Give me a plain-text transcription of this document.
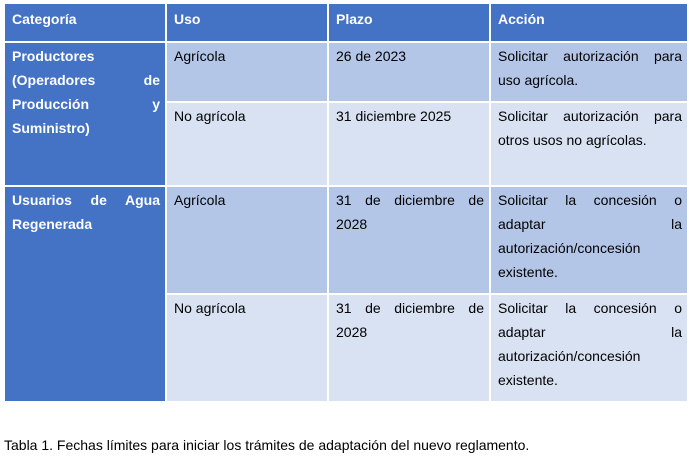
Categoría	Uso	Plazo	Acción
Productores (Operadores de Producción y Suministro)	Agrícola	26 de 2023	Solicitar autorización para uso agrícola.
	No agrícola	31 diciembre 2025	Solicitar autorización para otros usos no agrícolas.
Usuarios de Agua Regenerada	Agrícola	31 de diciembre de 2028	Solicitar la concesión o adaptar la autorización/concesión existente.
	No agrícola	31 de diciembre de 2028	Solicitar la concesión o adaptar la autorización/concesión existente.
Tabla 1. Fechas límites para iniciar los trámites de adaptación del nuevo reglamento.
